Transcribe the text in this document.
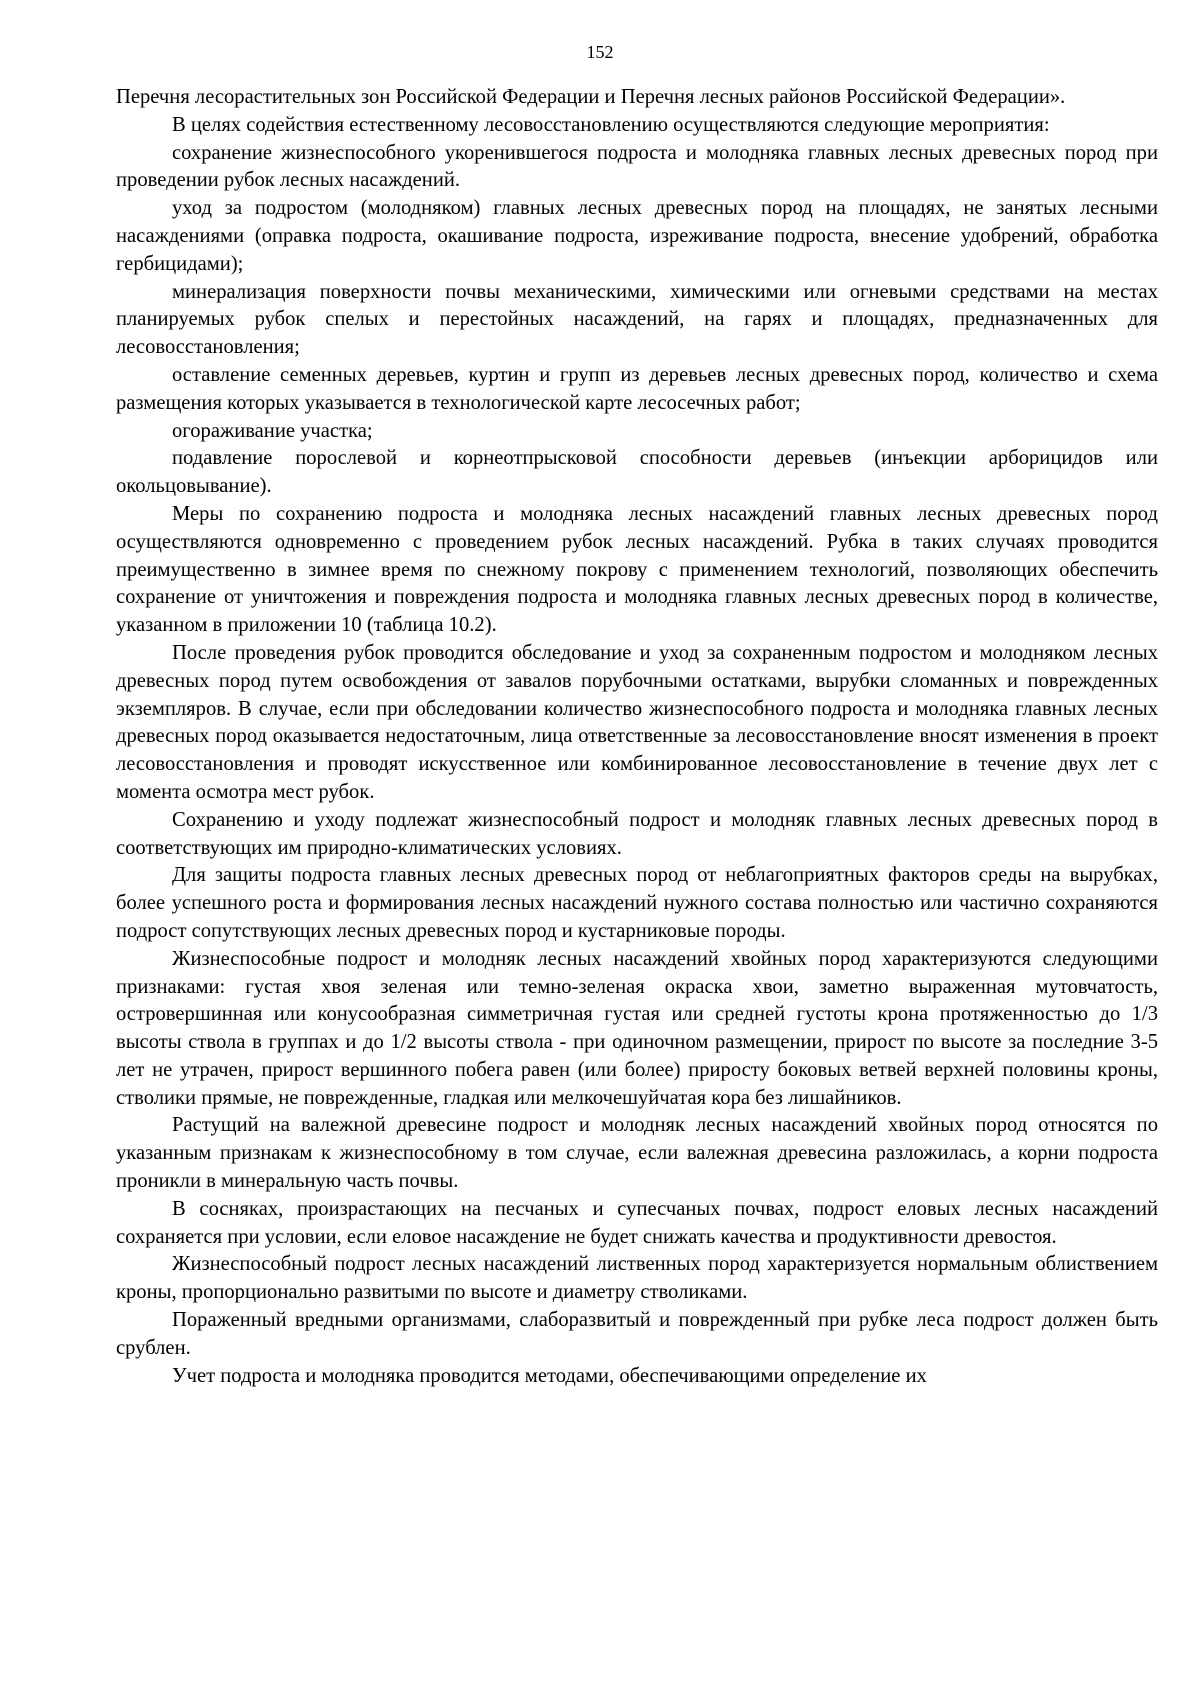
152

Перечня лесорастительных зон Российской Федерации и Перечня лесных районов Российской Федерации».

В целях содействия естественному лесовосстановлению осуществляются следующие мероприятия:

сохранение жизнеспособного укоренившегося подроста и молодняка главных лесных древесных пород при проведении рубок лесных насаждений.

уход за подростом (молодняком) главных лесных древесных пород на площадях, не занятых лесными насаждениями (оправка подроста, окашивание подроста, изреживание подроста, внесение удобрений, обработка гербицидами);

минерализация поверхности почвы механическими, химическими или огневыми средствами на местах планируемых рубок спелых и перестойных насаждений, на гарях и площадях, предназначенных для лесовосстановления;

оставление семенных деревьев, куртин и групп из деревьев лесных древесных пород, количество и схема размещения которых указывается в технологической карте лесосечных работ;

огораживание участка;

подавление порослевой и корнеотпрысковой способности деревьев (инъекции арборицидов или окольцовывание).

Меры по сохранению подроста и молодняка лесных насаждений главных лесных древесных пород осуществляются одновременно с проведением рубок лесных насаждений. Рубка в таких случаях проводится преимущественно в зимнее время по снежному покрову с применением технологий, позволяющих обеспечить сохранение от уничтожения и повреждения подроста и молодняка главных лесных древесных пород в количестве, указанном в приложении 10 (таблица 10.2).

После проведения рубок проводится обследование и уход за сохраненным подростом и молодняком лесных древесных пород путем освобождения от завалов порубочными остатками, вырубки сломанных и поврежденных экземпляров. В случае, если при обследовании количество жизнеспособного подроста и молодняка главных лесных древесных пород оказывается недостаточным, лица ответственные за лесовосстановление вносят изменения в проект лесовосстановления и проводят искусственное или комбинированное лесовосстановление в течение двух лет с момента осмотра мест рубок.

Сохранению и уходу подлежат жизнеспособный подрост и молодняк главных лесных древесных пород в соответствующих им природно-климатических условиях.

Для защиты подроста главных лесных древесных пород от неблагоприятных факторов среды на вырубках, более успешного роста и формирования лесных насаждений нужного состава полностью или частично сохраняются подрост сопутствующих лесных древесных пород и кустарниковые породы.

Жизнеспособные подрост и молодняк лесных насаждений хвойных пород характеризуются следующими признаками: густая хвоя зеленая или темно-зеленая окраска хвои, заметно выраженная мутовчатость, островершинная или конусообразная симметричная густая или средней густоты крона протяженностью до 1/3 высоты ствола в группах и до 1/2 высоты ствола - при одиночном размещении, прирост по высоте за последние 3-5 лет не утрачен, прирост вершинного побега равен (или более) приросту боковых ветвей верхней половины кроны, стволики прямые, не поврежденные, гладкая или мелкочешуйчатая кора без лишайников.

Растущий на валежной древесине подрост и молодняк лесных насаждений хвойных пород относятся по указанным признакам к жизнеспособному в том случае, если валежная древесина разложилась, а корни подроста проникли в минеральную часть почвы.

В сосняках, произрастающих на песчаных и супесчаных почвах, подрост еловых лесных насаждений сохраняется при условии, если еловое насаждение не будет снижать качества и продуктивности древостоя.

Жизнеспособный подрост лесных насаждений лиственных пород характеризуется нормальным облиствением кроны, пропорционально развитыми по высоте и диаметру стволиками.

Пораженный вредными организмами, слаборазвитый и поврежденный при рубке леса подрост должен быть срублен.

Учет подроста и молодняка проводится методами, обеспечивающими определение их
